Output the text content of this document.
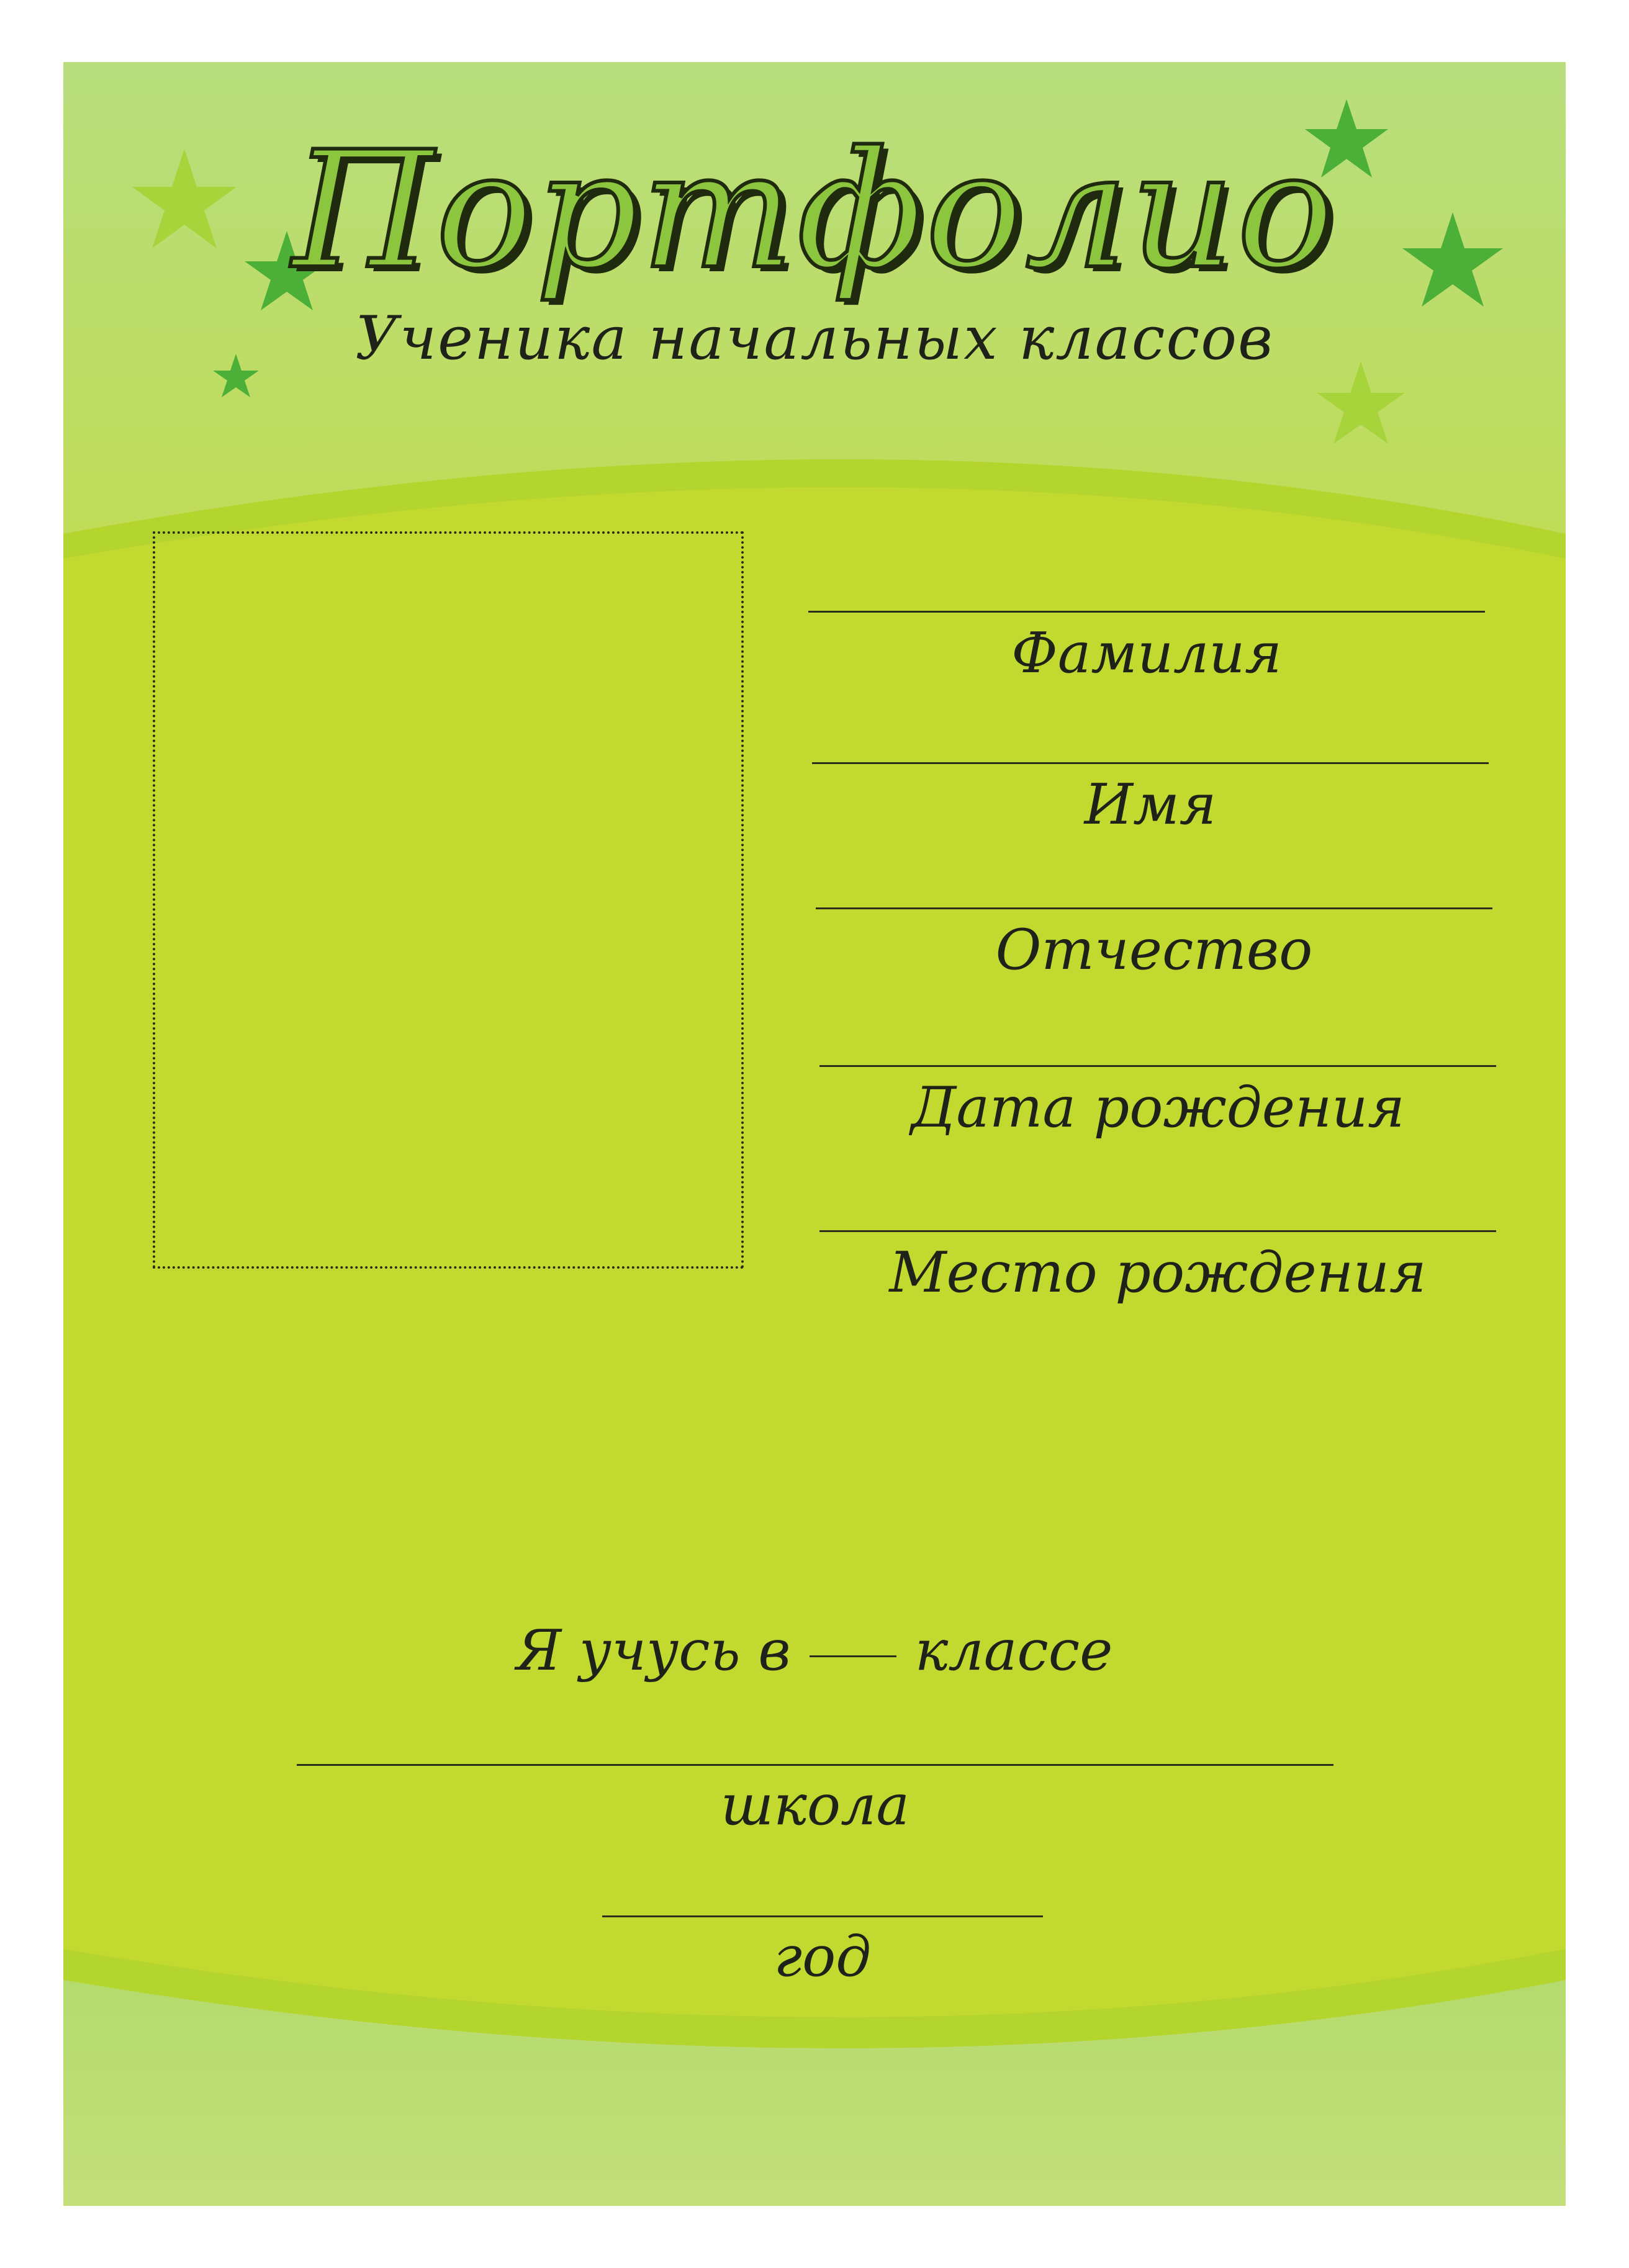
Портфолио
Ученика начальных классов
Фамилия
Имя
Отчество
Дата рождения
Место рождения
Я учусь в классе
школа
год
